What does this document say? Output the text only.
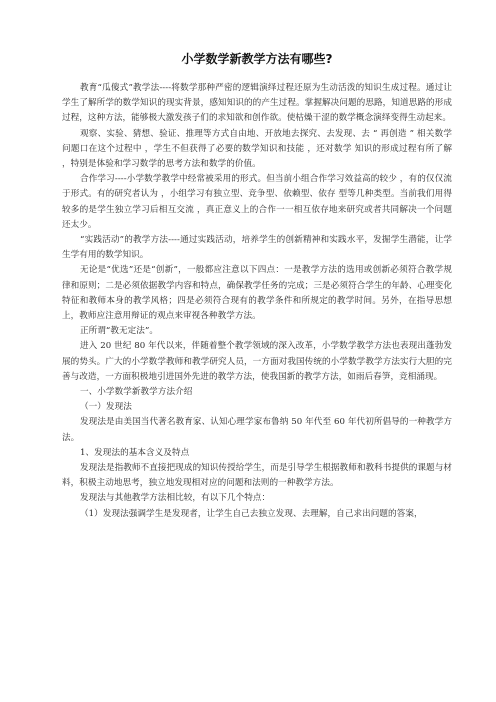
小学数学新教学方法有哪些?

教育“瓜傻式”教学法----将数学那种严密的逻辑演绎过程还原为生动活泼的知识生成过程。通过让学生了解所学的数学知识的现实背景，感知知识的的产生过程。掌握解决问题的思路，知道思路的形成过程，这种方法，能够极大激发孩子们的求知欲和创作欲。使枯燥干涩的数学概念演绎变得生动起来。

观察、实验、猜想、验证、推理等方式自由地、开放地去探究、去发现、去 “ 再创造 ” 相关数学问题口在这个过程中 ，学生不但获得了必要的数学知识和技能 ，还对数学 知识的形成过程有所了解 ，特别是体验和学习数学的思考方法和数学的价值。

合作学习----小学数学教学中经常被采用的形式。但当前小组合作学习效益高的较少 ，有的仅仅流于形式。有的研究者认为 ，小组学习有独立型、竞争型、依赖型、依存 型等几种类型。当前我们用得较多的是学生独立学习后相互交流 ，真正意义上的合作一一相互依存地来研究或者共同解决一个问题还太少。

“实践活动”的教学方法----通过实践活动，培养学生的创新精神和实践水平，发掘学生潜能，让学生学有用的数学知识。

无论是“优选”还是“创新”，一般都应注意以下四点：一是教学方法的选用或创新必须符合教学规律和原则；二是必须依据教学内容和特点，确保教学任务的完成；三是必须符合学生的年龄、心理变化特征和教师本身的教学风格；四是必须符合现有的教学条件和所规定的教学时间。另外，在指导思想上，教师应注意用辩证的观点来审视各种教学方法。

正所谓“教无定法”。

进入 20 世纪 80 年代以来，伴随着整个教学领域的深入改革，小学数学教学方法也表现出蓬勃发展的势头。广大的小学数学教师和教学研究人员，一方面对我国传统的小学数学教学方法实行大胆的完善与改造，一方面积极地引进国外先进的教学方法，使我国新的教学方法，如雨后春笋，竞相涌现。

一、小学数学新教学方法介绍

（一）发现法

发现法是由美国当代著名教育家、认知心理学家布鲁纳 50 年代至 60 年代初所倡导的一种教学方法。

1、发现法的基本含义及特点

发现法是指教师不直接把现成的知识传授给学生，而是引导学生根据教师和教科书提供的课题与材料，积极主动地思考，独立地发现相对应的问题和法则的一种教学方法。

发现法与其他教学方法相比较，有以下几个特点：

（1）发现法强调学生是发现者，让学生自己去独立发现、去理解，自己求出问题的答案，
